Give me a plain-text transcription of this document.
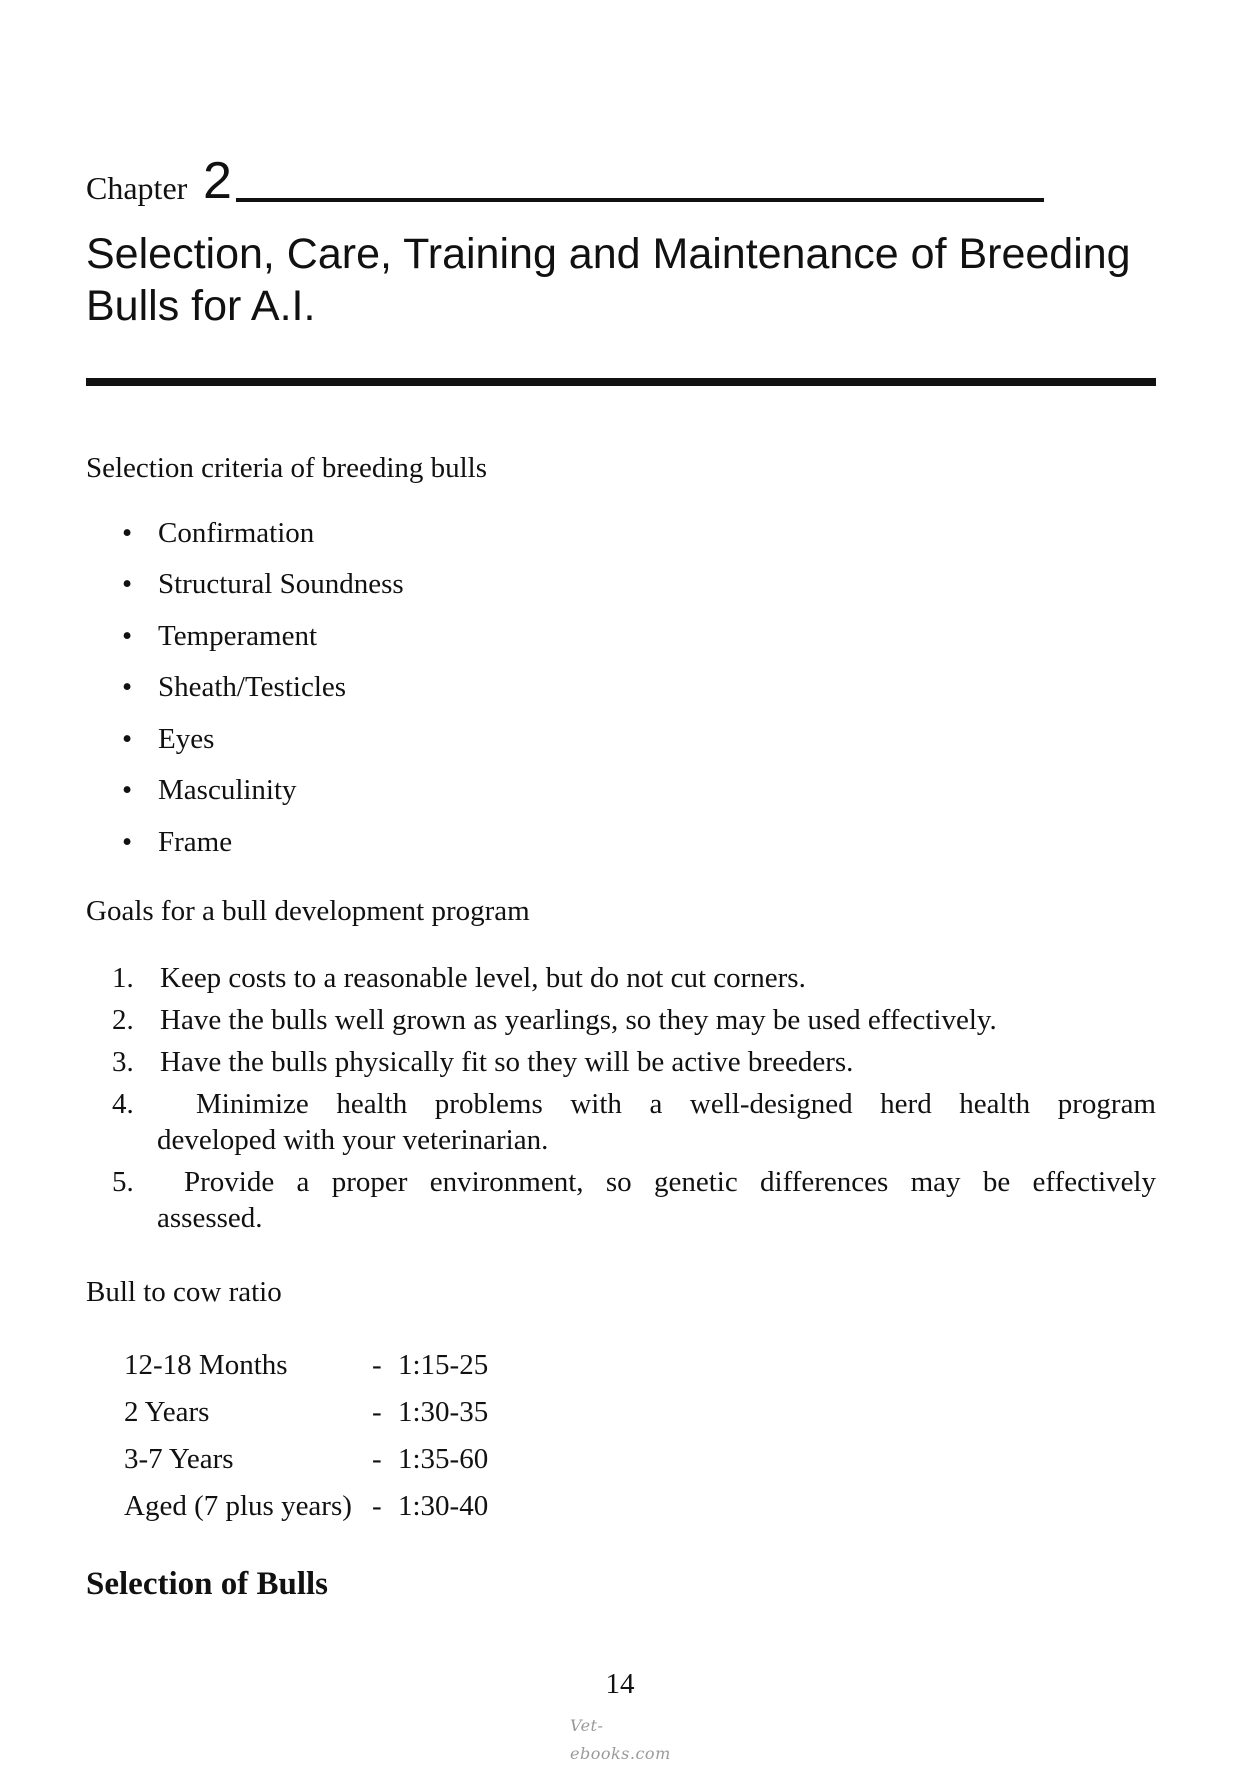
Chapter 2
Selection, Care, Training and Maintenance of Breeding
Bulls for A.I.
Selection criteria of breeding bulls
• Confirmation
• Structural Soundness
• Temperament
• Sheath/Testicles
• Eyes
• Masculinity
• Frame
Goals for a bull development program
1. Keep costs to a reasonable level, but do not cut corners.
2. Have the bulls well grown as yearlings, so they may be used effectively.
3. Have the bulls physically fit so they will be active breeders.
4. Minimize health problems with a well-designed herd health program
developed with your veterinarian.
5. Provide a proper environment, so genetic differences may be effectively
assessed.
Bull to cow ratio
12-18 Months	- 1:15-25
2 Years	- 1:30-35
3-7 Years	- 1:35-60
Aged (7 plus years) - 1:30-40
Selection of Bulls
14
Vet-ebooks.com
